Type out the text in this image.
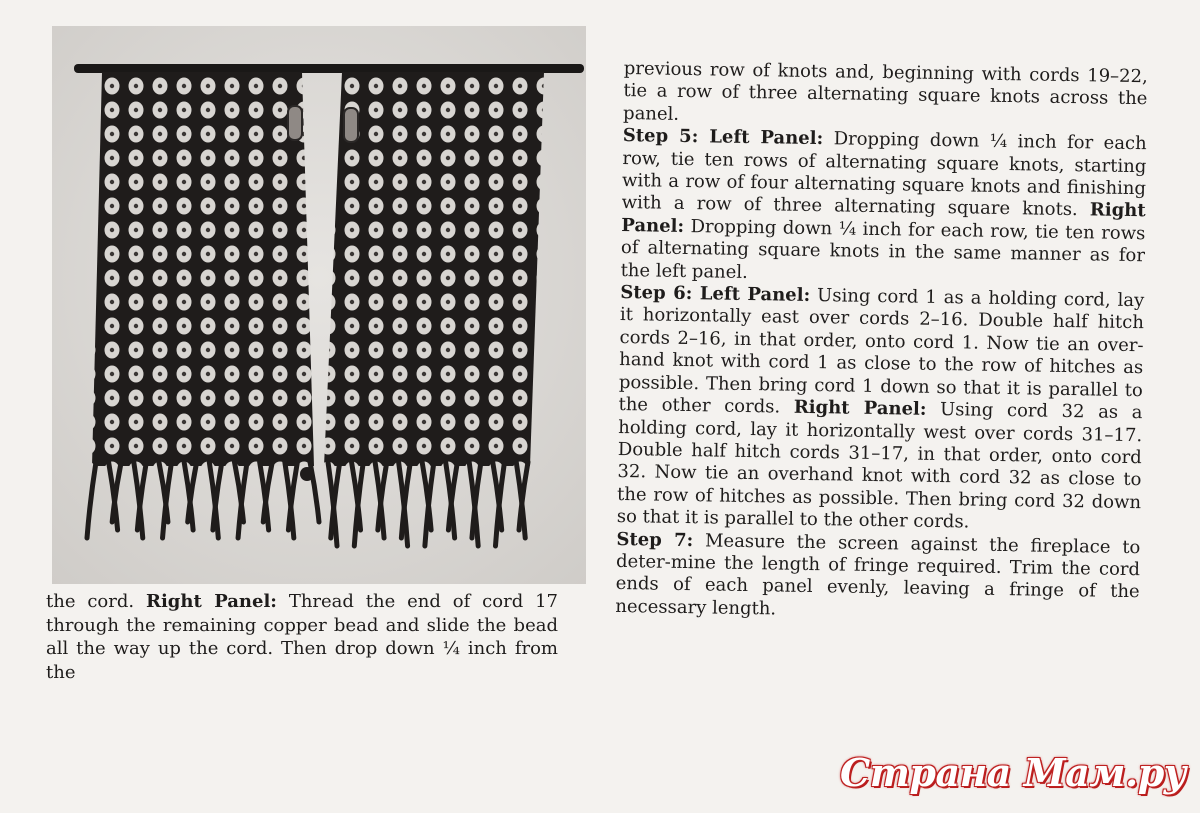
the cord. Right Panel: Thread the end of cord 17 through the remaining copper bead and slide the bead all the way up the cord. Then drop down ¼ inch from the

previous row of knots and, beginning with cords 19–22, tie a row of three alternating square knots across the panel.

Step 5: Left Panel: Dropping down ¼ inch for each row, tie ten rows of alternating square knots, starting with a row of four alternating square knots and finishing with a row of three alternating square knots. Right Panel: Dropping down ¼ inch for each row, tie ten rows of alternating square knots in the same manner as for the left panel.

Step 6: Left Panel: Using cord 1 as a holding cord, lay it horizontally east over cords 2–16. Double half hitch cords 2–16, in that order, onto cord 1. Now tie an over-hand knot with cord 1 as close to the row of hitches as possible. Then bring cord 1 down so that it is parallel to the other cords. Right Panel: Using cord 32 as a holding cord, lay it horizontally west over cords 31–17. Double half hitch cords 31–17, in that order, onto cord 32. Now tie an overhand knot with cord 32 as close to the row of hitches as possible. Then bring cord 32 down so that it is parallel to the other cords.

Step 7: Measure the screen against the fireplace to deter-mine the length of fringe required. Trim the cord ends of each panel evenly, leaving a fringe of the necessary length.

Страна Мам.ру
